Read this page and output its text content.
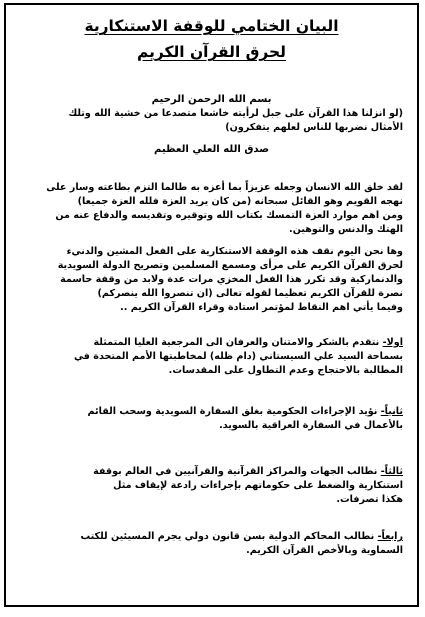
البيان الختامي للوقفة الاستنكارية
لحرق القرآن الكريم
بسم الله الرحمن الرحيم
(لو انزلنا هذا القرآن على جبل لرأيته خاشعا متصدعا من خشية الله وتلك
الأمثال نضربها للناس لعلهم يتفكرون)
صدق الله العلي العظيم
لقد خلق الله الانسان وجعله عزيزاً بما أعزه به طالما التزم بطاعته وسار على
نهجه القويم وهو القائل سبحانه (من كان يريد العزة فلله العزة جميعا)
ومن اهم موارد العزة التمسك بكتاب الله وتوقيره وتقديسه والدفاع عنه من
الهتك والدنس والتوهين.
وها نحن اليوم نقف هذه الوقفة الاستنكارية على الفعل المشين والدنيء
لحرق القرآن الكريم على مرأى ومسمع المسلمين وتصريح الدولة السويدية
والدنماركية وقد تكرر هذا الفعل المخزي مرات عدة ولابد من وقفة حاسمة
نصرة للقرآن الكريم تعظيما لقوله تعالى (ان تنصروا الله ينصركم)
وفيما يأتي اهم النقاط لمؤتمر استادة وقراء القرآن الكريم ..
اولا- نتقدم بالشكر والامتنان والعرفان الى المرجعية العليا المتمثلة
بسماحة السيد علي السيستاني (دام ظله) لمخاطبتها الأمم المتحدة في
المطالبة بالاحتجاج وعدم التطاول على المقدسات.
ثانياً- نؤيد الإجراءات الحكومية بغلق السفارة السويدية وسحب القائم
بالأعمال في السفارة العراقية بالسويد.
ثالثاً- نطالب الجهات والمراكز القرآنية والقرآنيين في العالم بوقفة
استنكارية والضغط على حكوماتهم بإجراءات رادعة لإيقاف مثل
هكذا تصرفات.
رابعاً- نطالب المحاكم الدولية بسن قانون دولي يجرم المسيئين للكتب
السماوية وبالأخص القرآن الكريم.
